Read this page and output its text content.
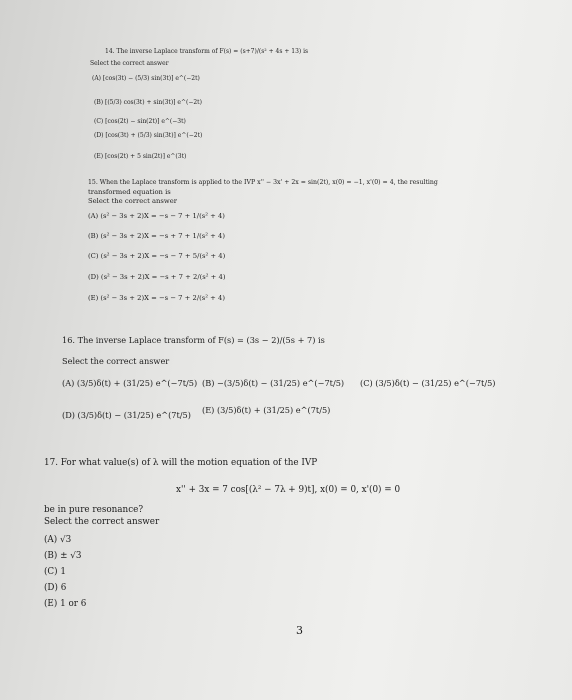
14. The inverse Laplace transform of F(s) = (s+7)/(s² + 4s + 13) is
Select the correct answer
(A) [cos(3t) − (5/3) sin(3t)] e^(−2t)
(B) [(5/3) cos(3t) + sin(3t)] e^(−2t)
(C) [cos(2t) − sin(2t)] e^(−3t)
(D) [cos(3t) + (5/3) sin(3t)] e^(−2t)
(E) [cos(2t) + 5 sin(2t)] e^(3t)
15. When the Laplace transform is applied to the IVP x'' − 3x' + 2x = sin(2t), x(0) = −1, x'(0) = 4, the resulting
transformed equation is
Select the correct answer
(A) (s² − 3s + 2)X = −s − 7 + 1/(s² + 4)
(B) (s² − 3s + 2)X = −s + 7 + 1/(s² + 4)
(C) (s² − 3s + 2)X = −s − 7 + 5/(s² + 4)
(D) (s² − 3s + 2)X = −s + 7 + 2/(s² + 4)
(E) (s² − 3s + 2)X = −s − 7 + 2/(s² + 4)
16. The inverse Laplace transform of F(s) = (3s − 2)/(5s + 7) is
Select the correct answer
(A) (3/5)δ(t) + (31/25) e^(−7t/5) (B) −(3/5)δ(t) − (31/25) e^(−7t/5) (C) (3/5)δ(t) − (31/25) e^(−7t/5)
(D) (3/5)δ(t) − (31/25) e^(7t/5) (E) (3/5)δ(t) + (31/25) e^(7t/5)
17. For what value(s) of λ will the motion equation of the IVP
x'' + 3x = 7 cos[(λ² − 7λ + 9)t], x(0) = 0, x'(0) = 0
be in pure resonance?
Select the correct answer
(A) √3
(B) ± √3
(C) 1
(D) 6
(E) 1 or 6
3
